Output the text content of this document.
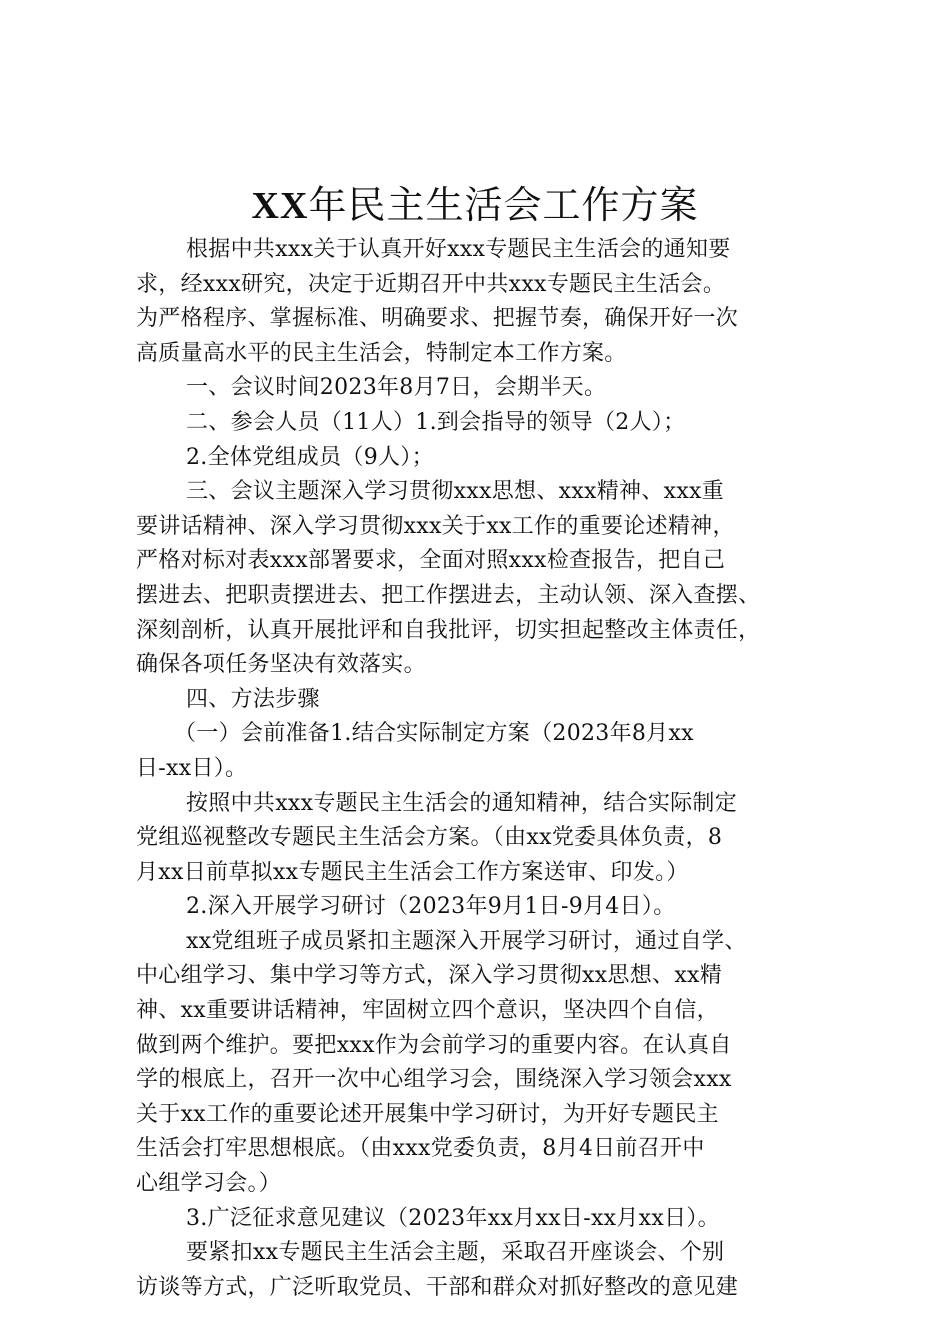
XX年民主生活会工作方案
根据中共xxx关于认真开好xxx专题民主生活会的通知要
求，经xxx研究，决定于近期召开中共xxx专题民主生活会。
为严格程序、掌握标准、明确要求、把握节奏，确保开好一次
高质量高水平的民主生活会，特制定本工作方案。
一、会议时间2023年8月7日，会期半天。
二、参会人员（11人）1.到会指导的领导（2人）；
2.全体党组成员（9人）；
三、会议主题深入学习贯彻xxx思想、xxx精神、xxx重
要讲话精神、深入学习贯彻xxx关于xx工作的重要论述精神，
严格对标对表xxx部署要求，全面对照xxx检查报告，把自己
摆进去、把职责摆进去、把工作摆进去，主动认领、深入查摆、
深刻剖析，认真开展批评和自我批评，切实担起整改主体责任，
确保各项任务坚决有效落实。
四、方法步骤
（一）会前准备1.结合实际制定方案（2023年8月xx
日-xx日）。
按照中共xxx专题民主生活会的通知精神，结合实际制定
党组巡视整改专题民主生活会方案。（由xx党委具体负责，8
月xx日前草拟xx专题民主生活会工作方案送审、印发。）
2.深入开展学习研讨（2023年9月1日-9月4日）。
xx党组班子成员紧扣主题深入开展学习研讨，通过自学、
中心组学习、集中学习等方式，深入学习贯彻xx思想、xx精
神、xx重要讲话精神，牢固树立四个意识，坚决四个自信，
做到两个维护。要把xxx作为会前学习的重要内容。在认真自
学的根底上，召开一次中心组学习会，围绕深入学习领会xxx
关于xx工作的重要论述开展集中学习研讨，为开好专题民主
生活会打牢思想根底。（由xxx党委负责，8月4日前召开中
心组学习会。）
3.广泛征求意见建议（2023年xx月xx日-xx月xx日）。
要紧扣xx专题民主生活会主题，采取召开座谈会、个别
访谈等方式，广泛听取党员、干部和群众对抓好整改的意见建
